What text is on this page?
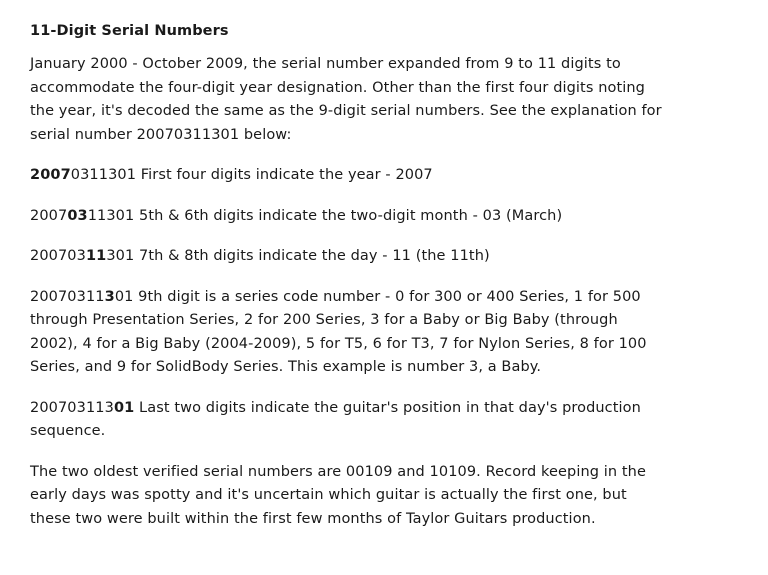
11-Digit Serial Numbers

January 2000 - October 2009, the serial number expanded from 9 to 11 digits to accommodate the four-digit year designation. Other than the first four digits noting the year, it's decoded the same as the 9-digit serial numbers. See the explanation for serial number 20070311301 below:

20070311301 First four digits indicate the year - 2007

20070311301 5th & 6th digits indicate the two-digit month - 03 (March)

20070311301 7th & 8th digits indicate the day - 11 (the 11th)

20070311301 9th digit is a series code number - 0 for 300 or 400 Series, 1 for 500 through Presentation Series, 2 for 200 Series, 3 for a Baby or Big Baby (through 2002), 4 for a Big Baby (2004-2009), 5 for T5, 6 for T3, 7 for Nylon Series, 8 for 100 Series, and 9 for SolidBody Series. This example is number 3, a Baby.

20070311301 Last two digits indicate the guitar's position in that day's production sequence.

The two oldest verified serial numbers are 00109 and 10109. Record keeping in the early days was spotty and it's uncertain which guitar is actually the first one, but these two were built within the first few months of Taylor Guitars production.
